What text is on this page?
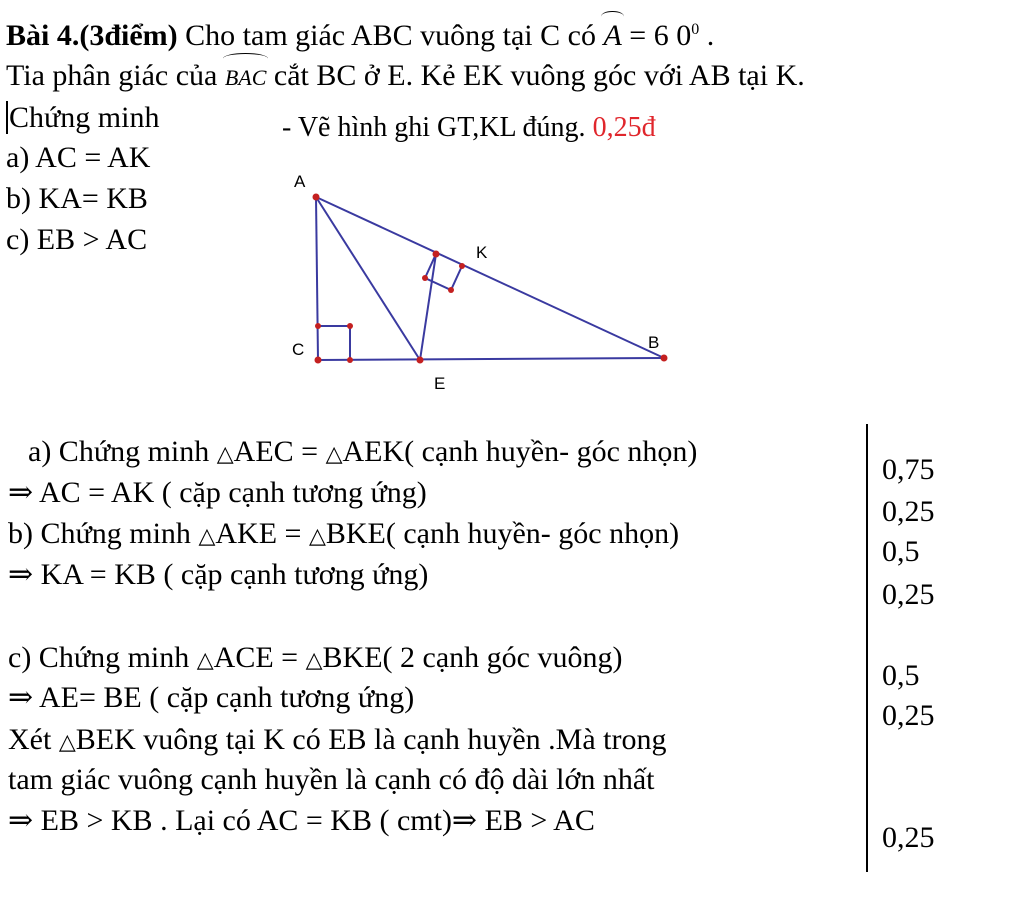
Bài 4.(3điểm) Cho tam giác ABC vuông tại C có A = 6 $0^0$ .
Tia phân giác của BAC cắt BC ở E. Kẻ EK vuông góc với AB tại K.
Chứng minh	- Vẽ hình ghi GT,KL đúng. 0,25đ
a) AC = AK
b) KA= KB
c) EB > AC
A
C
E
B
K
a) Chứng minh △AEC = △AEK( cạnh huyền- góc nhọn)
⇒ AC = AK ( cặp cạnh tương ứng)
b) Chứng minh △AKE = △BKE( cạnh huyền- góc nhọn)
⇒ KA = KB ( cặp cạnh tương ứng)
c) Chứng minh △ACE = △BKE( 2 cạnh góc vuông)
⇒ AE= BE ( cặp cạnh tương ứng)
Xét △BEK vuông tại K có EB là cạnh huyền .Mà trong
tam giác vuông cạnh huyền là cạnh có độ dài lớn nhất
⇒ EB > KB . Lại có AC = KB ( cmt)⇒ EB > AC
0,75
0,25
0,5
0,25
0,5
0,25
0,25
